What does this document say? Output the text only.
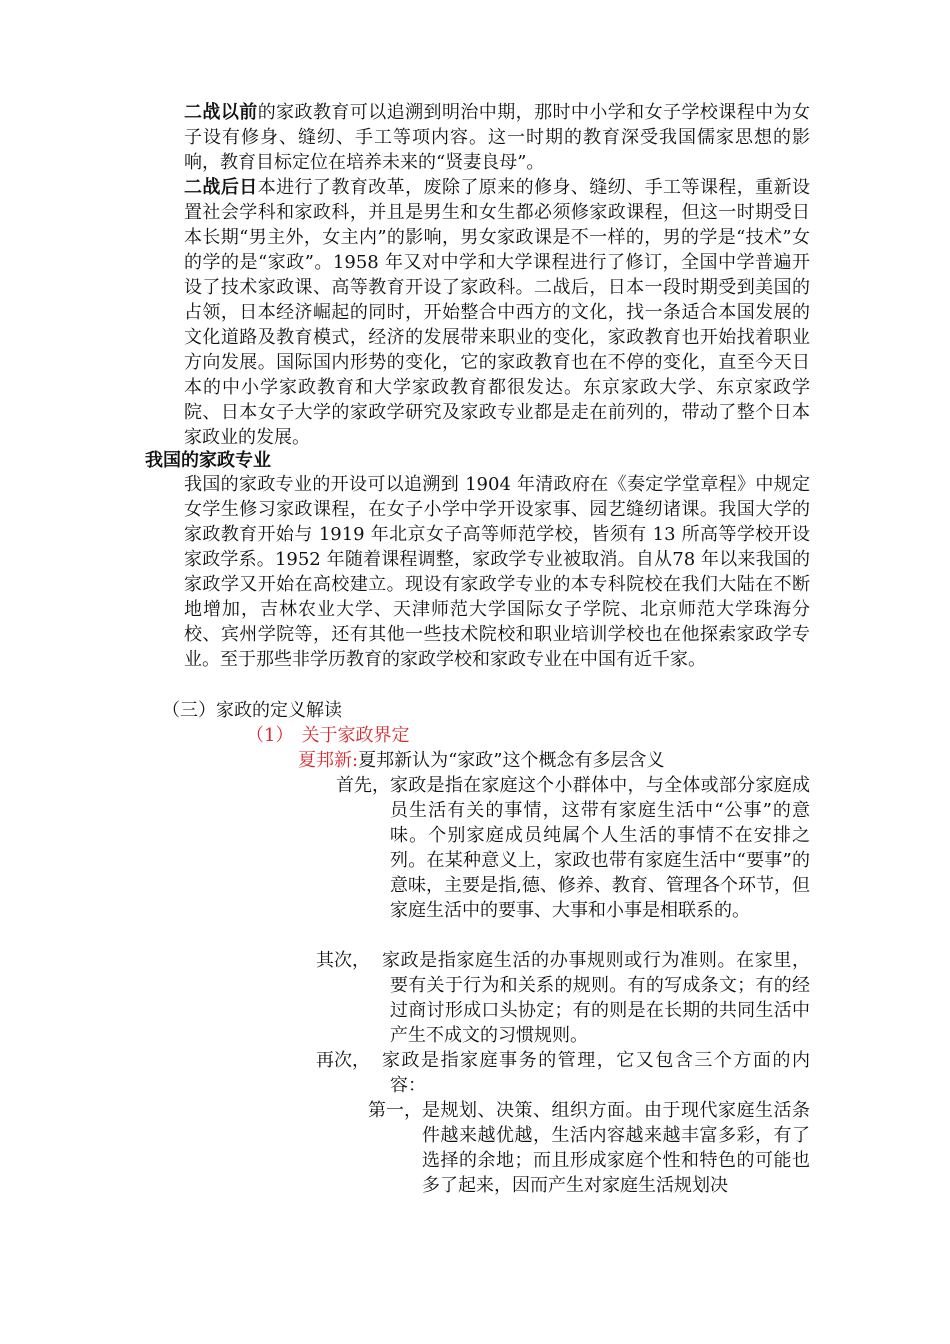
二战以前的家政教育可以追溯到明治中期，那时中小学和女子学校课程中为女子设有修身、缝纫、手工等项内容。这一时期的教育深受我国儒家思想的影响，教育目标定位在培养未来的“贤妻良母”。
二战后日本进行了教育改革，废除了原来的修身、缝纫、手工等课程，重新设置社会学科和家政科，并且是男生和女生都必须修家政课程，但这一时期受日本长期“男主外，女主内”的影响，男女家政课是不一样的，男的学是“技术”女的学的是“家政”。1958 年又对中学和大学课程进行了修订，全国中学普遍开设了技术家政课、高等教育开设了家政科。二战后，日本一段时期受到美国的占领，日本经济崛起的同时，开始整合中西方的文化，找一条适合本国发展的文化道路及教育模式，经济的发展带来职业的变化，家政教育也开始找着职业方向发展。国际国内形势的变化，它的家政教育也在不停的变化，直至今天日本的中小学家政教育和大学家政教育都很发达。东京家政大学、东京家政学院、日本女子大学的家政学研究及家政专业都是走在前列的，带动了整个日本家政业的发展。
我国的家政专业
我国的家政专业的开设可以追溯到 1904 年清政府在《奏定学堂章程》中规定女学生修习家政课程，在女子小学中学开设家事、园艺缝纫诸课。我国大学的家政教育开始与 1919 年北京女子高等师范学校，皆须有 13 所高等学校开设家政学系。1952 年随着课程调整，家政学专业被取消。自从78 年以来我国的家政学又开始在高校建立。现设有家政学专业的本专科院校在我们大陆在不断地增加，吉林农业大学、天津师范大学国际女子学院、北京师范大学珠海分校、宾州学院等，还有其他一些技术院校和职业培训学校也在他探索家政学专业。至于那些非学历教育的家政学校和家政专业在中国有近千家。
（三）家政的定义解读
（1） 关于家政界定
夏邦新:夏邦新认为“家政”这个概念有多层含义
首先， 家政是指在家庭这个小群体中，与全体或部分家庭成员生活有关的事情，这带有家庭生活中“公事”的意味。个别家庭成员纯属个人生活的事情不在安排之列。在某种意义上，家政也带有家庭生活中“要事”的意味，主要是指,德、修养、教育、管理各个环节，但家庭生活中的要事、大事和小事是相联系的。
其次， 家政是指家庭生活的办事规则或行为准则。在家里，要有关于行为和关系的规则。有的写成条文；有的经过商讨形成口头协定；有的则是在长期的共同生活中产生不成文的习惯规则。
再次， 家政是指家庭事务的管理，它又包含三个方面的内容：
第一， 是规划、决策、组织方面。由于现代家庭生活条件越来越优越，生活内容越来越丰富多彩，有了选择的余地；而且形成家庭个性和特色的可能也多了起来，因而产生对家庭生活规划决
